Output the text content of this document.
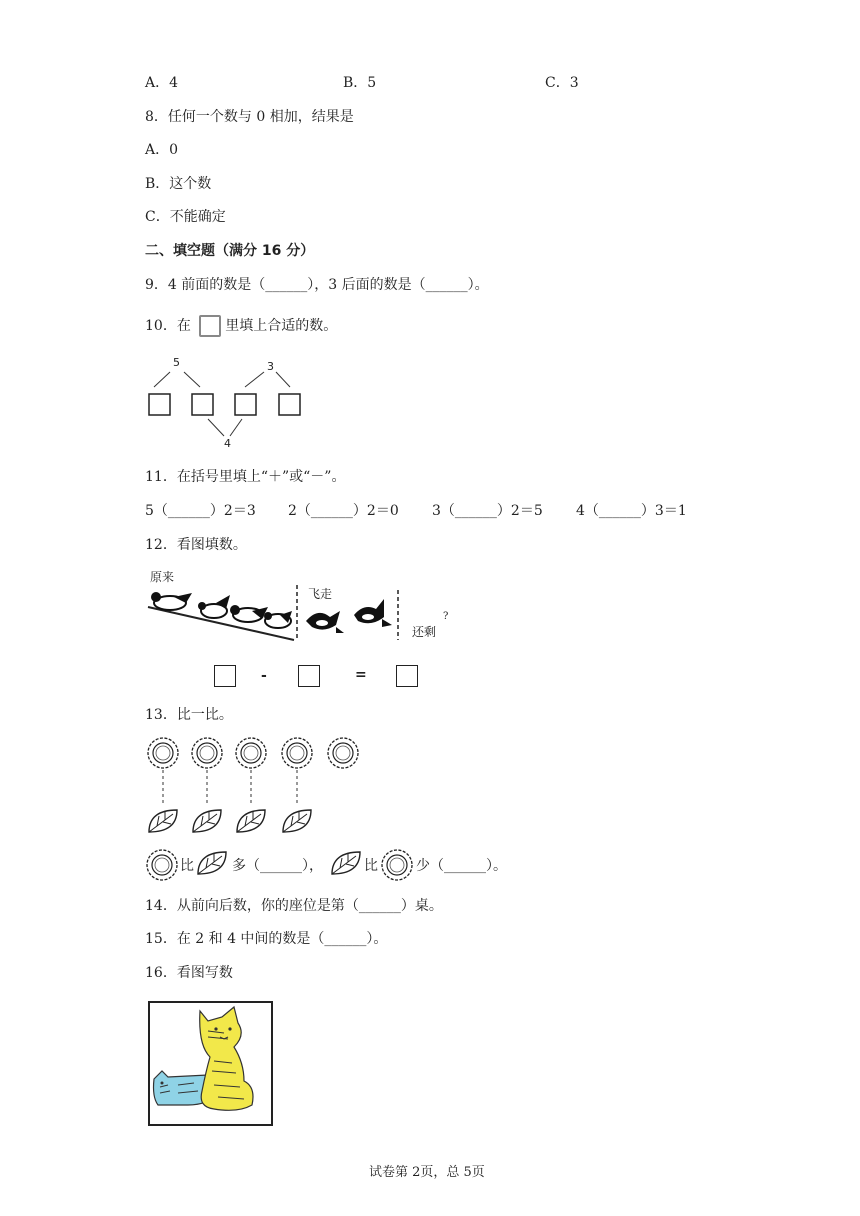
A．4	B．5	C．3
8．任何一个数与 0 相加，结果是
A．0
B．这个数
C．不能确定
二、填空题（满分 16 分）
9．4 前面的数是（______），3 后面的数是（______）。
10．在 里填上合适的数。
5	3
4
11．在括号里填上“＋”或“－”。
5（______）2＝3 2（______）2＝0 3（______）2＝5 4（______）3＝1
12．看图填数。
原来
飞走
还剩
?
-	=
13．比一比。
比	多（______），	比	少（______）。
14．从前向后数，你的座位是第（______）桌。
15．在 2 和 4 中间的数是（______）。
16．看图写数
试卷第 2页，总 5页
